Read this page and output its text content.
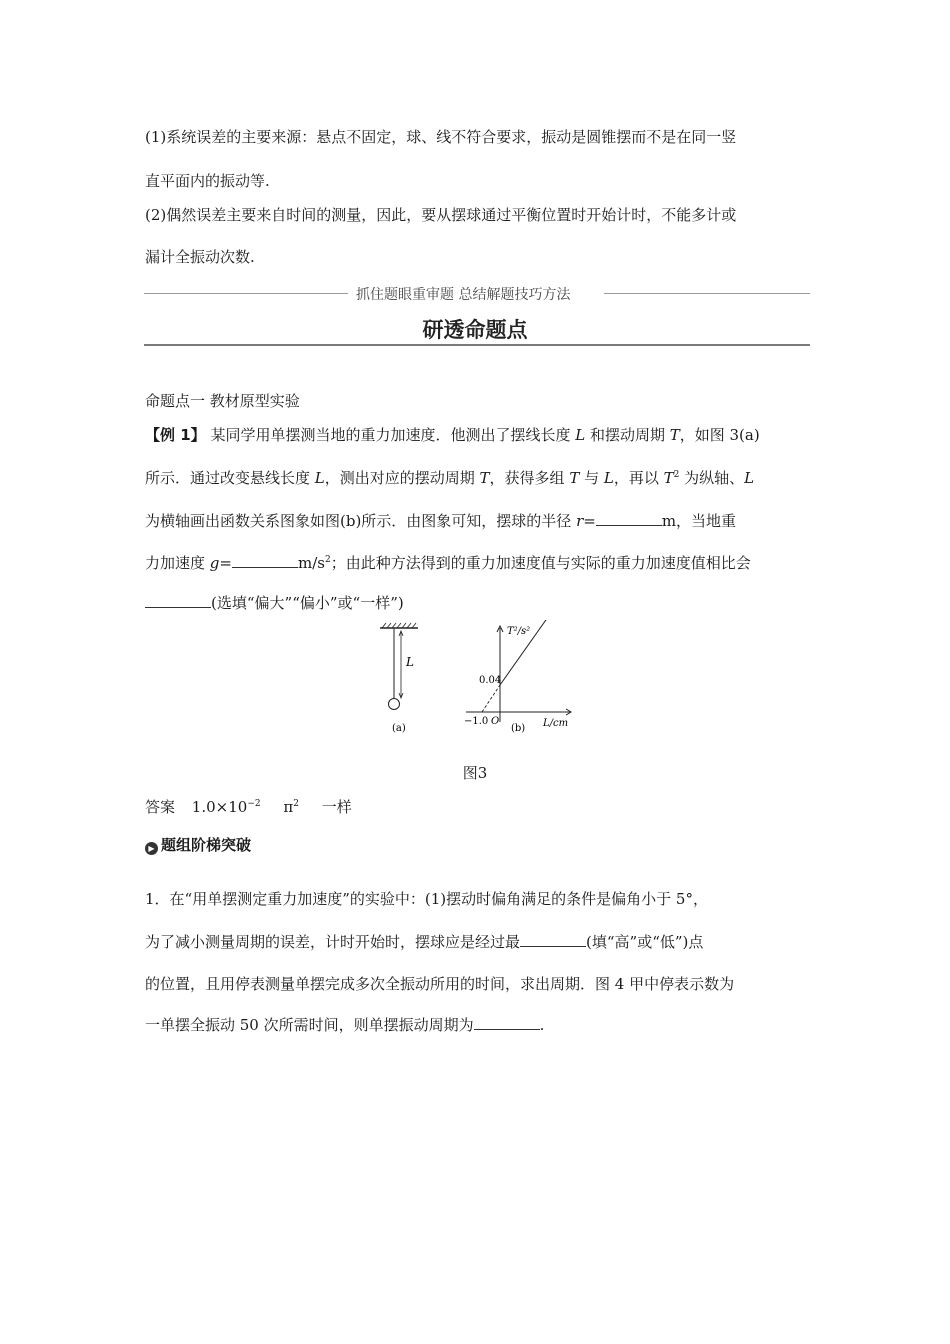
(1)系统误差的主要来源：悬点不固定，球、线不符合要求，振动是圆锥摆而不是在同一竖
直平面内的振动等.
(2)偶然误差主要来自时间的测量，因此，要从摆球通过平衡位置时开始计时，不能多计或
漏计全振动次数.
抓住题眼重审题 总结解题技巧方法
研透命题点
命题点一 教材原型实验
【例 1】 某同学用单摆测当地的重力加速度．他测出了摆线长度 L 和摆动周期 T，如图 3(a)
所示．通过改变悬线长度 L，测出对应的摆动周期 T，获得多组 T 与 L，再以 $T^2$ 为纵轴、L
为横轴画出函数关系图象如图(b)所示．由图象可知，摆球的半径 r=	m，当地重
力加速度 g=	$m/s^2$；由此种方法得到的重力加速度值与实际的重力加速度值相比会
(选填“偏大”“偏小”或“一样”)
L
(a)
T²/s²
L/cm
0.04
−1.0 O
(b)
图3
答案 $1.0\times 10^{-2}$ $\pi^2$ 一样
▶ 题组阶梯突破
1．在“用单摆测定重力加速度”的实验中：(1)摆动时偏角满足的条件是偏角小于 5°，
为了减小测量周期的误差，计时开始时，摆球应是经过最	(填“高”或“低”)点
的位置，且用停表测量单摆完成多次全振动所用的时间，求出周期．图 4 甲中停表示数为
一单摆全振动 50 次所需时间，则单摆振动周期为	.
